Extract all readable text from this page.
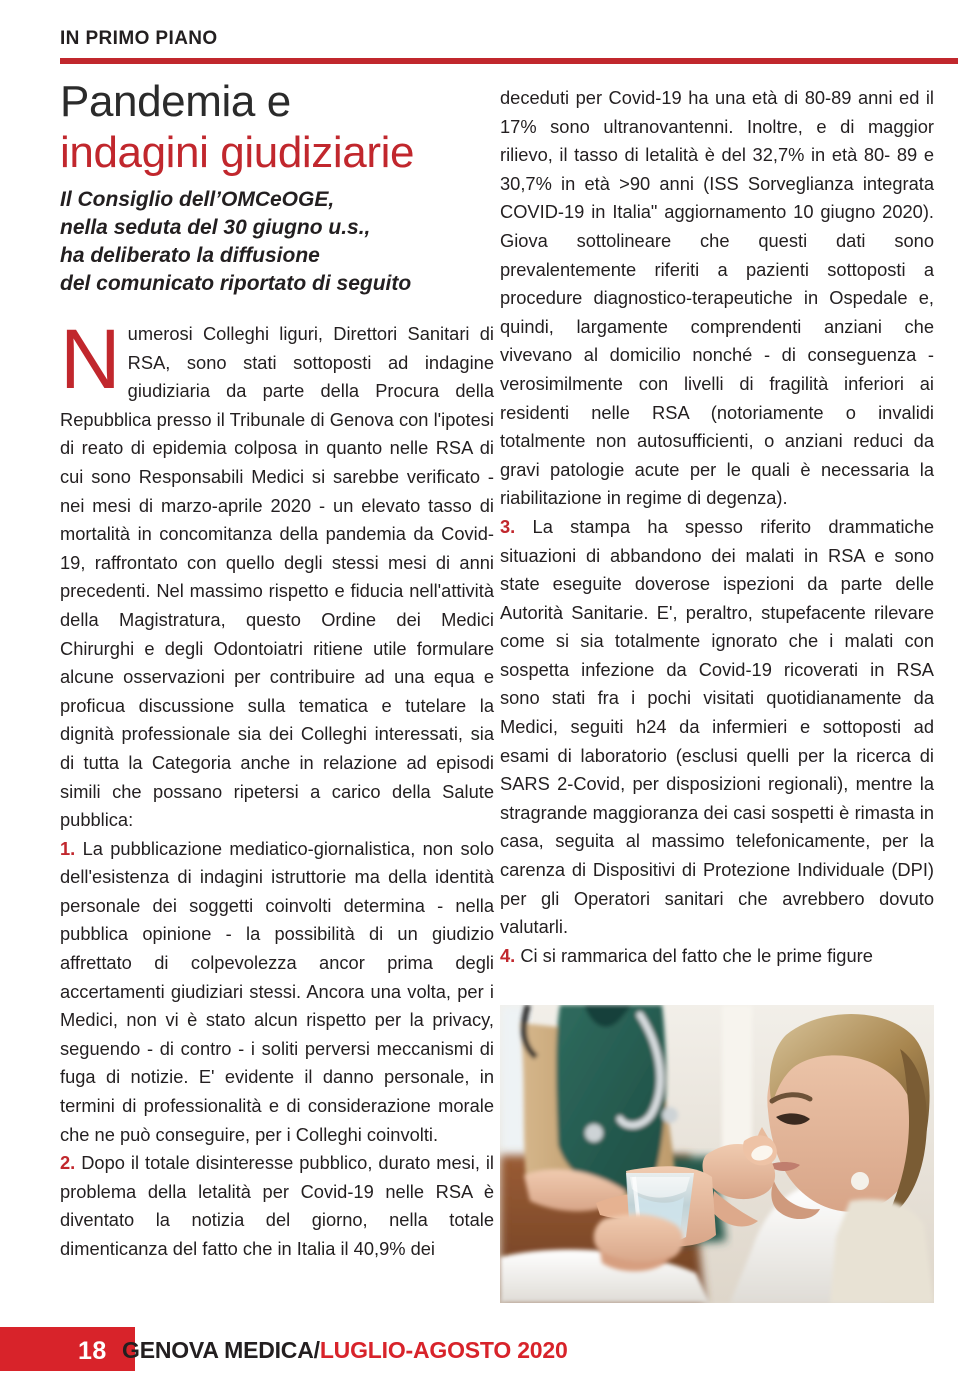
IN PRIMO PIANO
Pandemia e
indagini giudiziarie
Il Consiglio dell’OMCeOGE,
nella seduta del 30 giugno u.s.,
ha deliberato la diffusione
del comunicato riportato di seguito

Numerosi Colleghi liguri, Direttori Sanitari di RSA, sono stati sottoposti ad indagine giudiziaria da parte della Procura della Repubblica presso il Tribunale di Genova con l'ipotesi di reato di epidemia colposa in quanto nelle RSA di cui sono Responsabili Medici si sarebbe verificato - nei mesi di marzo-aprile 2020 - un elevato tasso di mortalità in concomitanza della pandemia da Covid-19, raffrontato con quello degli stessi mesi di anni precedenti. Nel massimo rispetto e fiducia nell'attività della Magistratura, questo Ordine dei Medici Chirurghi e degli Odontoiatri ritiene utile formulare alcune osservazioni per contribuire ad una equa e proficua discussione sulla tematica e tutelare la dignità professionale sia dei Colleghi interessati, sia di tutta la Categoria anche in relazione ad episodi simili che possano ripetersi a carico della Salute pubblica:

1. La pubblicazione mediatico-giornalistica, non solo dell'esistenza di indagini istruttorie ma della identità personale dei soggetti coinvolti determina - nella pubblica opinione - la possibilità di un giudizio affrettato di colpevolezza ancor prima degli accertamenti giudiziari stessi. Ancora una volta, per i Medici, non vi è stato alcun rispetto per la privacy, seguendo - di contro - i soliti perversi meccanismi di fuga di notizie. E' evidente il danno personale, in termini di professionalità e di considerazione morale che ne può conseguire, per i Colleghi coinvolti.

2. Dopo il totale disinteresse pubblico, durato mesi, il problema della letalità per Covid-19 nelle RSA è diventato la notizia del giorno, nella totale dimenticanza del fatto che in Italia il 40,9% dei

deceduti per Covid-19 ha una età di 80-89 anni ed il 17% sono ultranovantenni. Inoltre, e di maggior rilievo, il tasso di letalità è del 32,7% in età 80- 89 e 30,7% in età >90 anni (ISS Sorveglianza integrata COVID-19 in Italia" aggiornamento 10 giugno 2020). Giova sottolineare che questi dati sono prevalentemente riferiti a pazienti sottoposti a procedure diagnostico-terapeutiche in Ospedale e, quindi, largamente comprendenti anziani che vivevano al domicilio nonché - di conseguenza - verosimilmente con livelli di fragilità inferiori ai residenti nelle RSA (notoriamente o invalidi totalmente non autosufficienti, o anziani reduci da gravi patologie acute per le quali è necessaria la riabilitazione in regime di degenza).

3. La stampa ha spesso riferito drammatiche situazioni di abbandono dei malati in RSA e sono state eseguite doverose ispezioni da parte delle Autorità Sanitarie. E', peraltro, stupefacente rilevare come si sia totalmente ignorato che i malati con sospetta infezione da Covid-19 ricoverati in RSA sono stati fra i pochi visitati quotidianamente da Medici, seguiti h24 da infermieri e sottoposti ad esami di laboratorio (esclusi quelli per la ricerca di SARS 2-Covid, per disposizioni regionali), mentre la stragrande maggioranza dei casi sospetti è rimasta in casa, seguita al massimo telefonicamente, per la carenza di Dispositivi di Protezione Individuale (DPI) per gli Operatori sanitari che avrebbero dovuto valutarli.

4. Ci si rammarica del fatto che le prime figure

18 GENOVA MEDICA/LUGLIO-AGOSTO 2020
